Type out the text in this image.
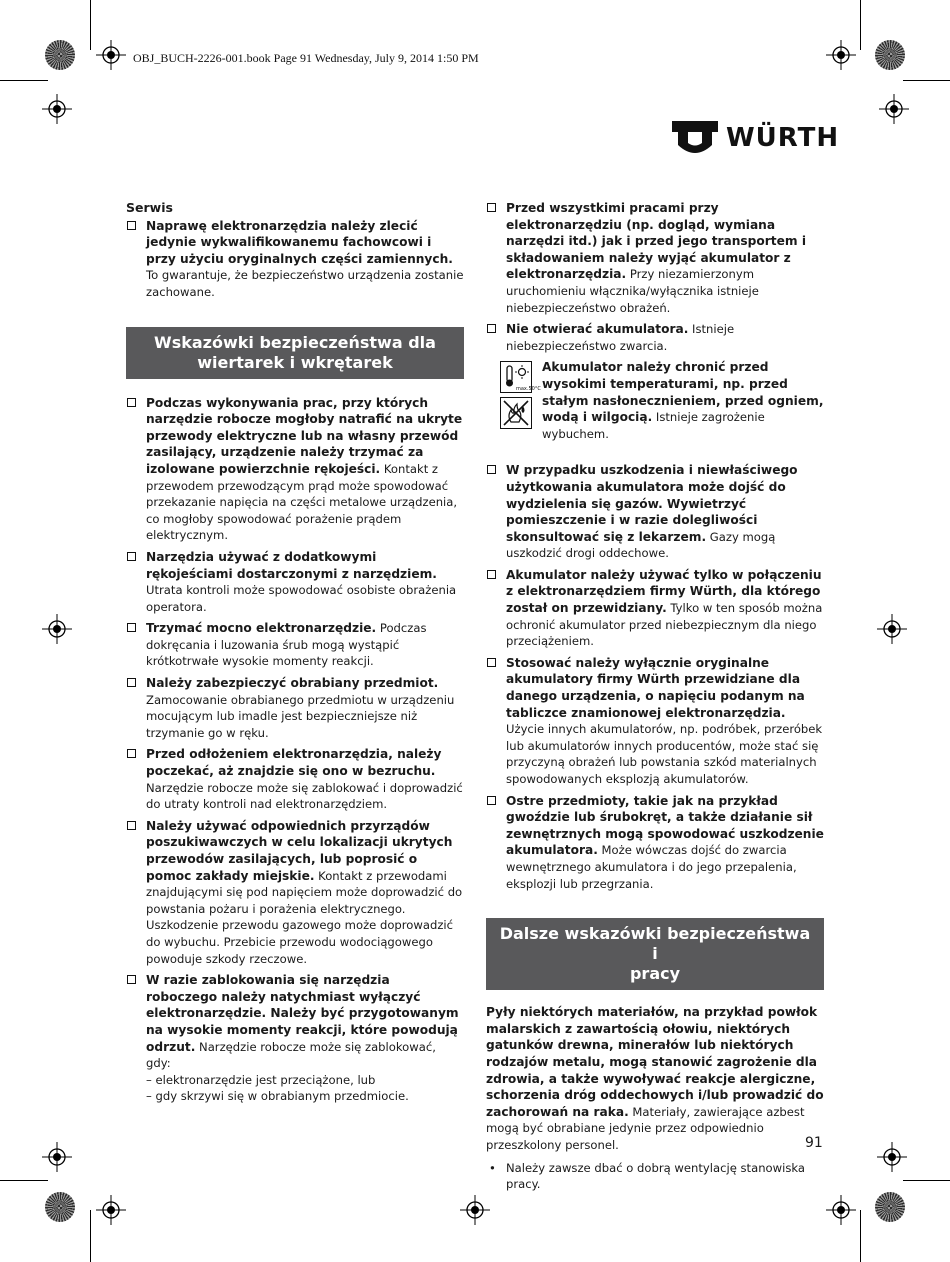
OBJ_BUCH-2226-001.book Page 91 Wednesday, July 9, 2014 1:50 PM
WÜRTH
Serwis
Naprawę elektronarzędzia należy zlecić jedynie wykwalifikowanemu fachowcowi i przy użyciu oryginalnych części zamiennych. To gwarantuje, że bezpieczeństwo urządzenia zostanie zachowane.
Wskazówki bezpieczeństwa dla
wiertarek i wkrętarek
Podczas wykonywania prac, przy których narzędzie robocze mogłoby natrafić na ukryte przewody elektryczne lub na własny przewód zasilający, urządzenie należy trzymać za izolowane powierzchnie rękojeści. Kontakt z przewodem przewodzącym prąd może spowodować przekazanie napięcia na części metalowe urządzenia, co mogłoby spowodować porażenie prądem elektrycznym.
Narzędzia używać z dodatkowymi rękojeściami dostarczonymi z narzędziem. Utrata kontroli może spowodować osobiste obrażenia operatora.
Trzymać mocno elektronarzędzie. Podczas dokręcania i luzowania śrub mogą wystąpić krótkotrwałe wysokie momenty reakcji.
Należy zabezpieczyć obrabiany przedmiot. Zamocowanie obrabianego przedmiotu w urządzeniu mocującym lub imadle jest bezpieczniejsze niż trzymanie go w ręku.
Przed odłożeniem elektronarzędzia, należy poczekać, aż znajdzie się ono w bezruchu. Narzędzie robocze może się zablokować i doprowadzić do utraty kontroli nad elektronarzędziem.
Należy używać odpowiednich przyrządów poszukiwawczych w celu lokalizacji ukrytych przewodów zasilających, lub poprosić o pomoc zakłady miejskie. Kontakt z przewodami znajdującymi się pod napięciem może doprowadzić do powstania pożaru i porażenia elektrycznego. Uszkodzenie przewodu gazowego może doprowadzić do wybuchu. Przebicie przewodu wodociągowego powoduje szkody rzeczowe.
W razie zablokowania się narzędzia roboczego należy natychmiast wyłączyć elektronarzędzie. Należy być przygotowanym na wysokie momenty reakcji, które powodują odrzut. Narzędzie robocze może się zablokować, gdy:
– elektronarzędzie jest przeciążone, lub
– gdy skrzywi się w obrabianym przedmiocie.
Przed wszystkimi pracami przy elektronarzędziu (np. dogląd, wymiana narzędzi itd.) jak i przed jego transportem i składowaniem należy wyjąć akumulator z elektronarzędzia. Przy niezamierzonym uruchomieniu włącznika/wyłącznika istnieje niebezpieczeństwo obrażeń.
Nie otwierać akumulatora. Istnieje niebezpieczeństwo zwarcia.
max.50°C
Akumulator należy chronić przed wysokimi temperaturami, np. przed stałym nasłonecznieniem, przed ogniem, wodą i wilgocią. Istnieje zagrożenie wybuchem.
W przypadku uszkodzenia i niewłaściwego użytkowania akumulatora może dojść do wydzielenia się gazów. Wywietrzyć pomieszczenie i w razie dolegliwości skonsultować się z lekarzem. Gazy mogą uszkodzić drogi oddechowe.
Akumulator należy używać tylko w połączeniu z elektronarzędziem firmy Würth, dla którego został on przewidziany. Tylko w ten sposób można ochronić akumulator przed niebezpiecznym dla niego przeciążeniem.
Stosować należy wyłącznie oryginalne akumulatory firmy Würth przewidziane dla danego urządzenia, o napięciu podanym na tabliczce znamionowej elektronarzędzia. Użycie innych akumulatorów, np. podróbek, przeróbek lub akumulatorów innych producentów, może stać się przyczyną obrażeń lub powstania szkód materialnych spowodowanych eksplozją akumulatorów.
Ostre przedmioty, takie jak na przykład gwoździe lub śrubokręt, a także działanie sił zewnętrznych mogą spowodować uszkodzenie akumulatora. Może wówczas dojść do zwarcia wewnętrznego akumulatora i do jego przepalenia, eksplozji lub przegrzania.
Dalsze wskazówki bezpieczeństwa i
pracy
Pyły niektórych materiałów, na przykład powłok malarskich z zawartością ołowiu, niektórych gatunków drewna, minerałów lub niektórych rodzajów metalu, mogą stanowić zagrożenie dla zdrowia, a także wywoływać reakcje alergiczne, schorzenia dróg oddechowych i/lub prowadzić do zachorowań na raka. Materiały, zawierające azbest mogą być obrabiane jedynie przez odpowiednio przeszkolony personel.
• Należy zawsze dbać o dobrą wentylację stanowiska pracy.
91
